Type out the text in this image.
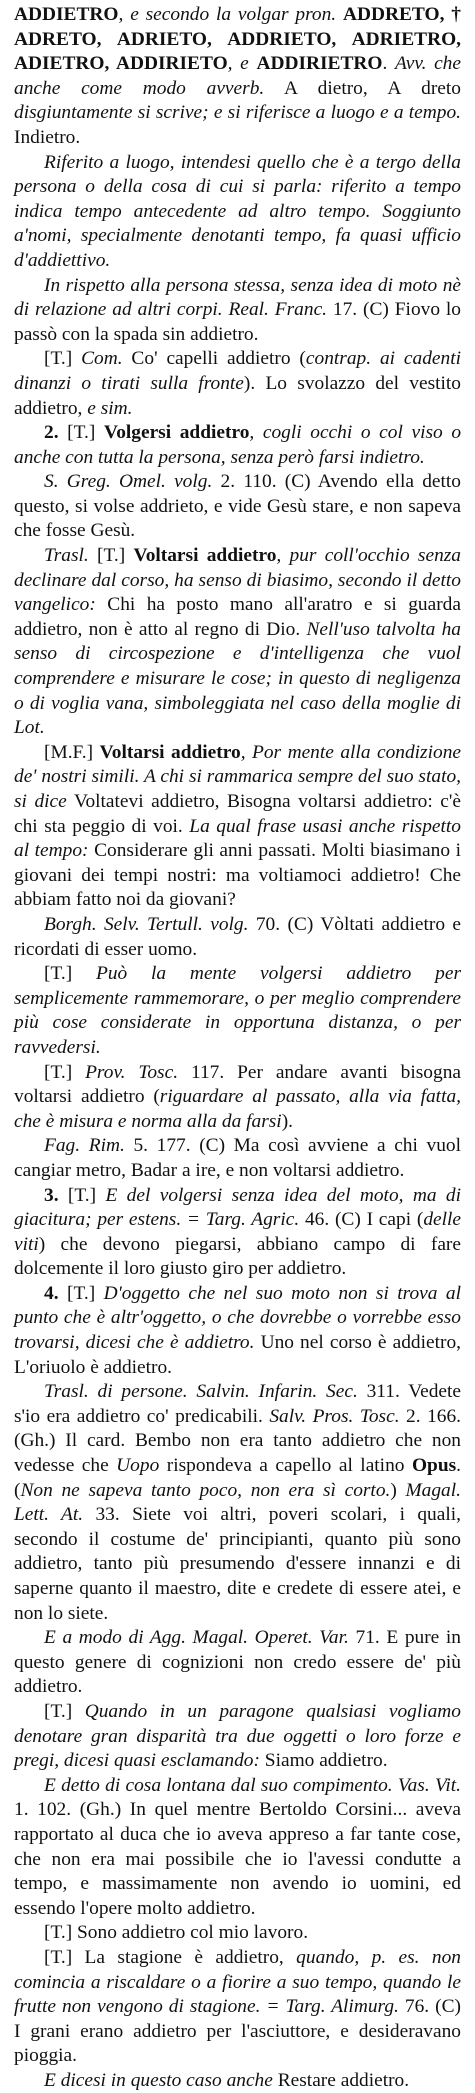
ADDIETRO, e secondo la volgar pron. ADDRETO, † ADRETO, ADRIETO, ADDRIETO, ADRIETRO, ADIETRO, ADDIRIETO, e ADDIRIETRO. Avv. che anche come modo avverb. A dietro, A dreto disgiuntamente si scrive; e si riferisce a luogo e a tempo. Indietro.

Riferito a luogo, intendesi quello che è a tergo della persona o della cosa di cui si parla: riferito a tempo indica tempo antecedente ad altro tempo. Soggiunto a'nomi, specialmente denotanti tempo, fa quasi ufficio d'addiettivo.

In rispetto alla persona stessa, senza idea di moto nè di relazione ad altri corpi. Real. Franc. 17. (C) Fiovo lo passò con la spada sin addietro.

[T.] Com. Co' capelli addietro (contrap. ai cadenti dinanzi o tirati sulla fronte). Lo svolazzo del vestito addietro, e sim.

2. [T.] Volgersi addietro, cogli occhi o col viso o anche con tutta la persona, senza però farsi indietro.

S. Greg. Omel. volg. 2. 110. (C) Avendo ella detto questo, si volse addrieto, e vide Gesù stare, e non sapeva che fosse Gesù.

Trasl. [T.] Voltarsi addietro, pur coll'occhio senza declinare dal corso, ha senso di biasimo, secondo il detto vangelico: Chi ha posto mano all'aratro e si guarda addietro, non è atto al regno di Dio. Nell'uso talvolta ha senso di circospezione e d'intelligenza che vuol comprendere e misurare le cose; in questo di negligenza o di voglia vana, simboleggiata nel caso della moglie di Lot.

[M.F.] Voltarsi addietro, Por mente alla condizione de' nostri simili. A chi si rammarica sempre del suo stato, si dice Voltatevi addietro, Bisogna voltarsi addietro: c'è chi sta peggio di voi. La qual frase usasi anche rispetto al tempo: Considerare gli anni passati. Molti biasimano i giovani dei tempi nostri: ma voltiamoci addietro! Che abbiam fatto noi da giovani?

Borgh. Selv. Tertull. volg. 70. (C) Vòltati addietro e ricordati di esser uomo.

[T.] Può la mente volgersi addietro per semplicemente rammemorare, o per meglio comprendere più cose considerate in opportuna distanza, o per ravvedersi.

[T.] Prov. Tosc. 117. Per andare avanti bisogna voltarsi addietro (riguardare al passato, alla via fatta, che è misura e norma alla da farsi).

Fag. Rim. 5. 177. (C) Ma così avviene a chi vuol cangiar metro, Badar a ire, e non voltarsi addietro.

3. [T.] E del volgersi senza idea del moto, ma di giacitura; per estens. = Targ. Agric. 46. (C) I capi (delle viti) che devono piegarsi, abbiano campo di fare dolcemente il loro giusto giro per addietro.

4. [T.] D'oggetto che nel suo moto non si trova al punto che è altr'oggetto, o che dovrebbe o vorrebbe esso trovarsi, dicesi che è addietro. Uno nel corso è addietro, L'oriuolo è addietro.

Trasl. di persone. Salvin. Infarin. Sec. 311. Vedete s'io era addietro co' predicabili. Salv. Pros. Tosc. 2. 166. (Gh.) Il card. Bembo non era tanto addietro che non vedesse che Uopo rispondeva a capello al latino Opus. (Non ne sapeva tanto poco, non era sì corto.) Magal. Lett. At. 33. Siete voi altri, poveri scolari, i quali, secondo il costume de' principianti, quanto più sono addietro, tanto più presumendo d'essere innanzi e di saperne quanto il maestro, dite e credete di essere atei, e non lo siete.

E a modo di Agg. Magal. Operet. Var. 71. E pure in questo genere di cognizioni non credo essere de' più addietro.

[T.] Quando in un paragone qualsiasi vogliamo denotare gran disparità tra due oggetti o loro forze e pregi, dicesi quasi esclamando: Siamo addietro.

E detto di cosa lontana dal suo compimento. Vas. Vit. 1. 102. (Gh.) In quel mentre Bertoldo Corsini... aveva rapportato al duca che io aveva appreso a far tante cose, che non era mai possibile che io l'avessi condutte a tempo, e massimamente non avendo io uomini, ed essendo l'opere molto addietro.

[T.] Sono addietro col mio lavoro.

[T.] La stagione è addietro, quando, p. es. non comincia a riscaldare o a fiorire a suo tempo, quando le frutte non vengono di stagione. = Targ. Alimurg. 76. (C) I grani erano addietro per l'asciuttore, e desideravano pioggia.

E dicesi in questo caso anche Restare addietro.
